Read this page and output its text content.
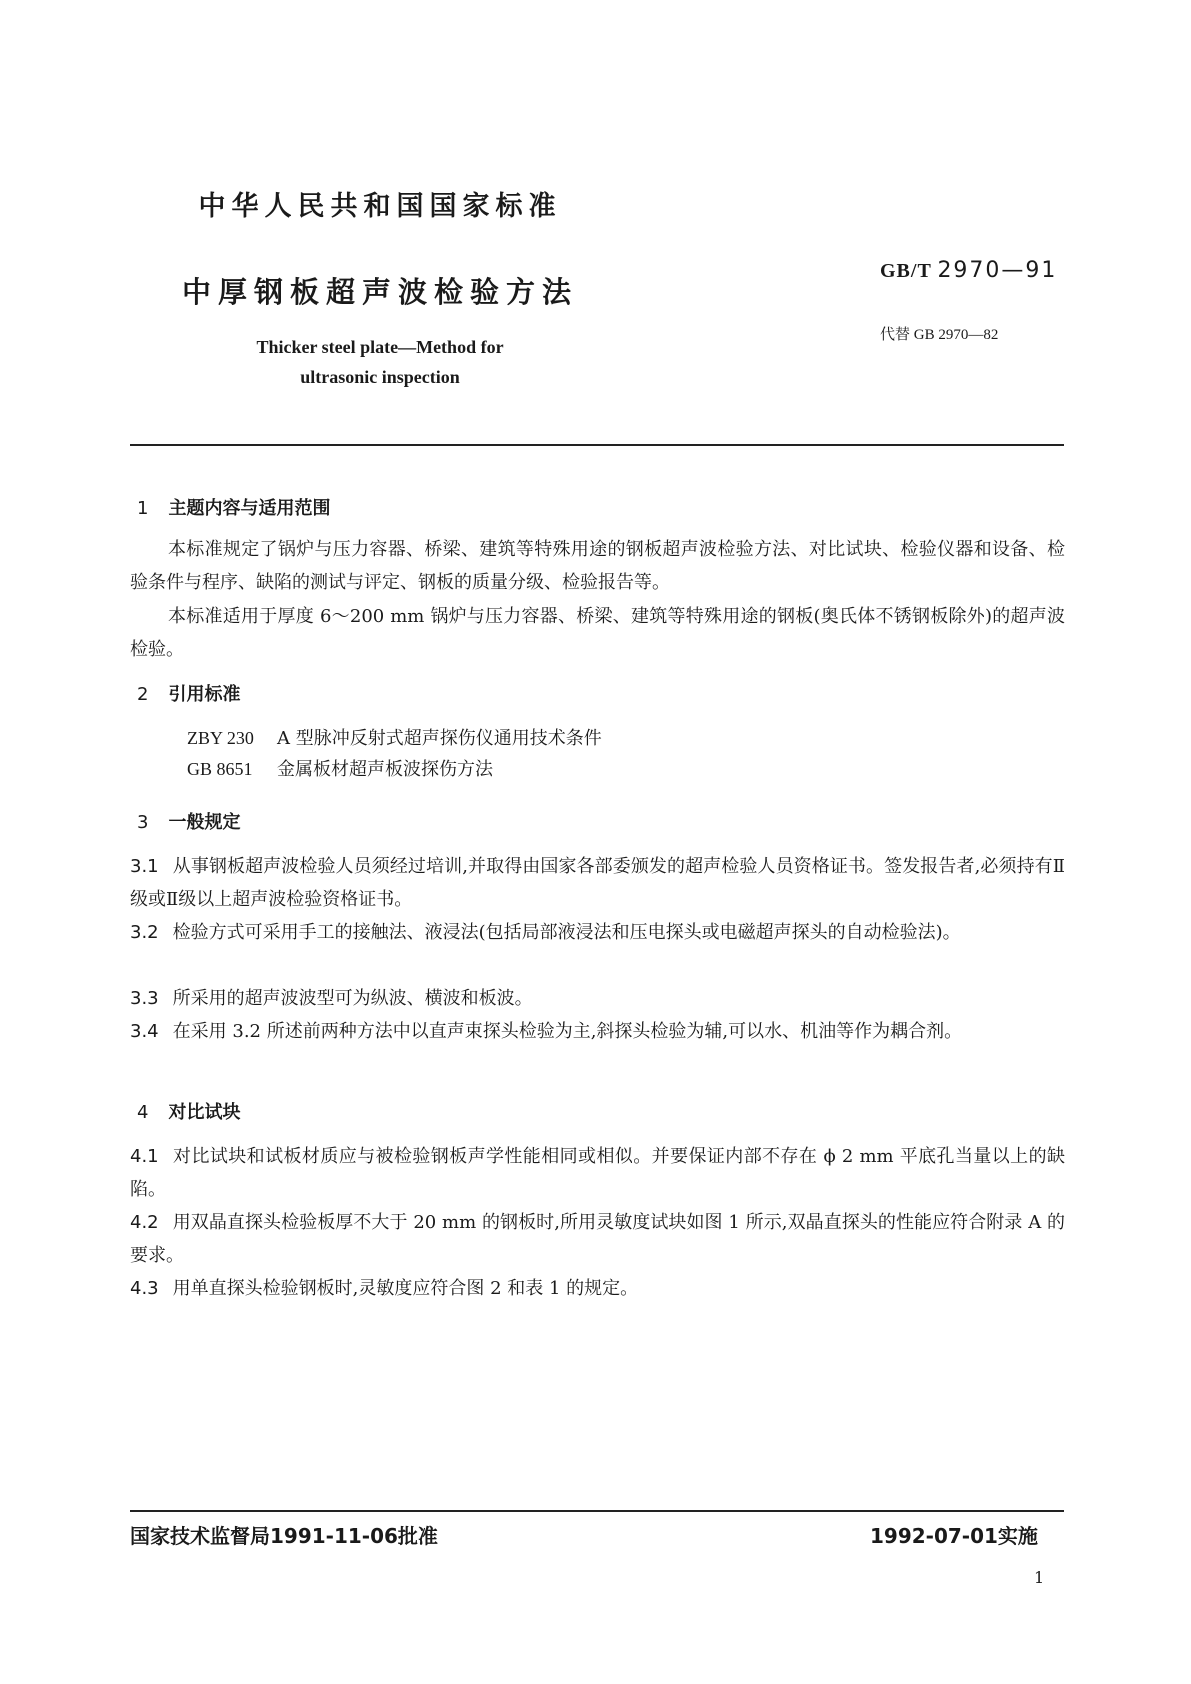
中华人民共和国国家标准
中厚钢板超声波检验方法
Thicker steel plate—Method for
ultrasonic inspection
GB/T 2970—91
代替 GB 2970—82
1 主题内容与适用范围
本标准规定了锅炉与压力容器、桥梁、建筑等特殊用途的钢板超声波检验方法、对比试块、检验仪器和设备、检验条件与程序、缺陷的测试与评定、钢板的质量分级、检验报告等。
本标准适用于厚度 6～200 mm 锅炉与压力容器、桥梁、建筑等特殊用途的钢板(奥氏体不锈钢板除外)的超声波检验。
2 引用标准
ZBY 230 A 型脉冲反射式超声探伤仪通用技术条件
GB 8651 金属板材超声板波探伤方法
3 一般规定
3.1 从事钢板超声波检验人员须经过培训,并取得由国家各部委颁发的超声检验人员资格证书。签发报告者,必须持有Ⅱ级或Ⅱ级以上超声波检验资格证书。
3.2 检验方式可采用手工的接触法、液浸法(包括局部液浸法和压电探头或电磁超声探头的自动检验法)。
3.3 所采用的超声波波型可为纵波、横波和板波。
3.4 在采用 3.2 所述前两种方法中以直声束探头检验为主,斜探头检验为辅,可以水、机油等作为耦合剂。
4 对比试块
4.1 对比试块和试板材质应与被检验钢板声学性能相同或相似。并要保证内部不存在 ϕ 2 mm 平底孔当量以上的缺陷。
4.2 用双晶直探头检验板厚不大于 20 mm 的钢板时,所用灵敏度试块如图 1 所示,双晶直探头的性能应符合附录 A 的要求。
4.3 用单直探头检验钢板时,灵敏度应符合图 2 和表 1 的规定。
国家技术监督局1991-11-06批准	1992-07-01实施
1
